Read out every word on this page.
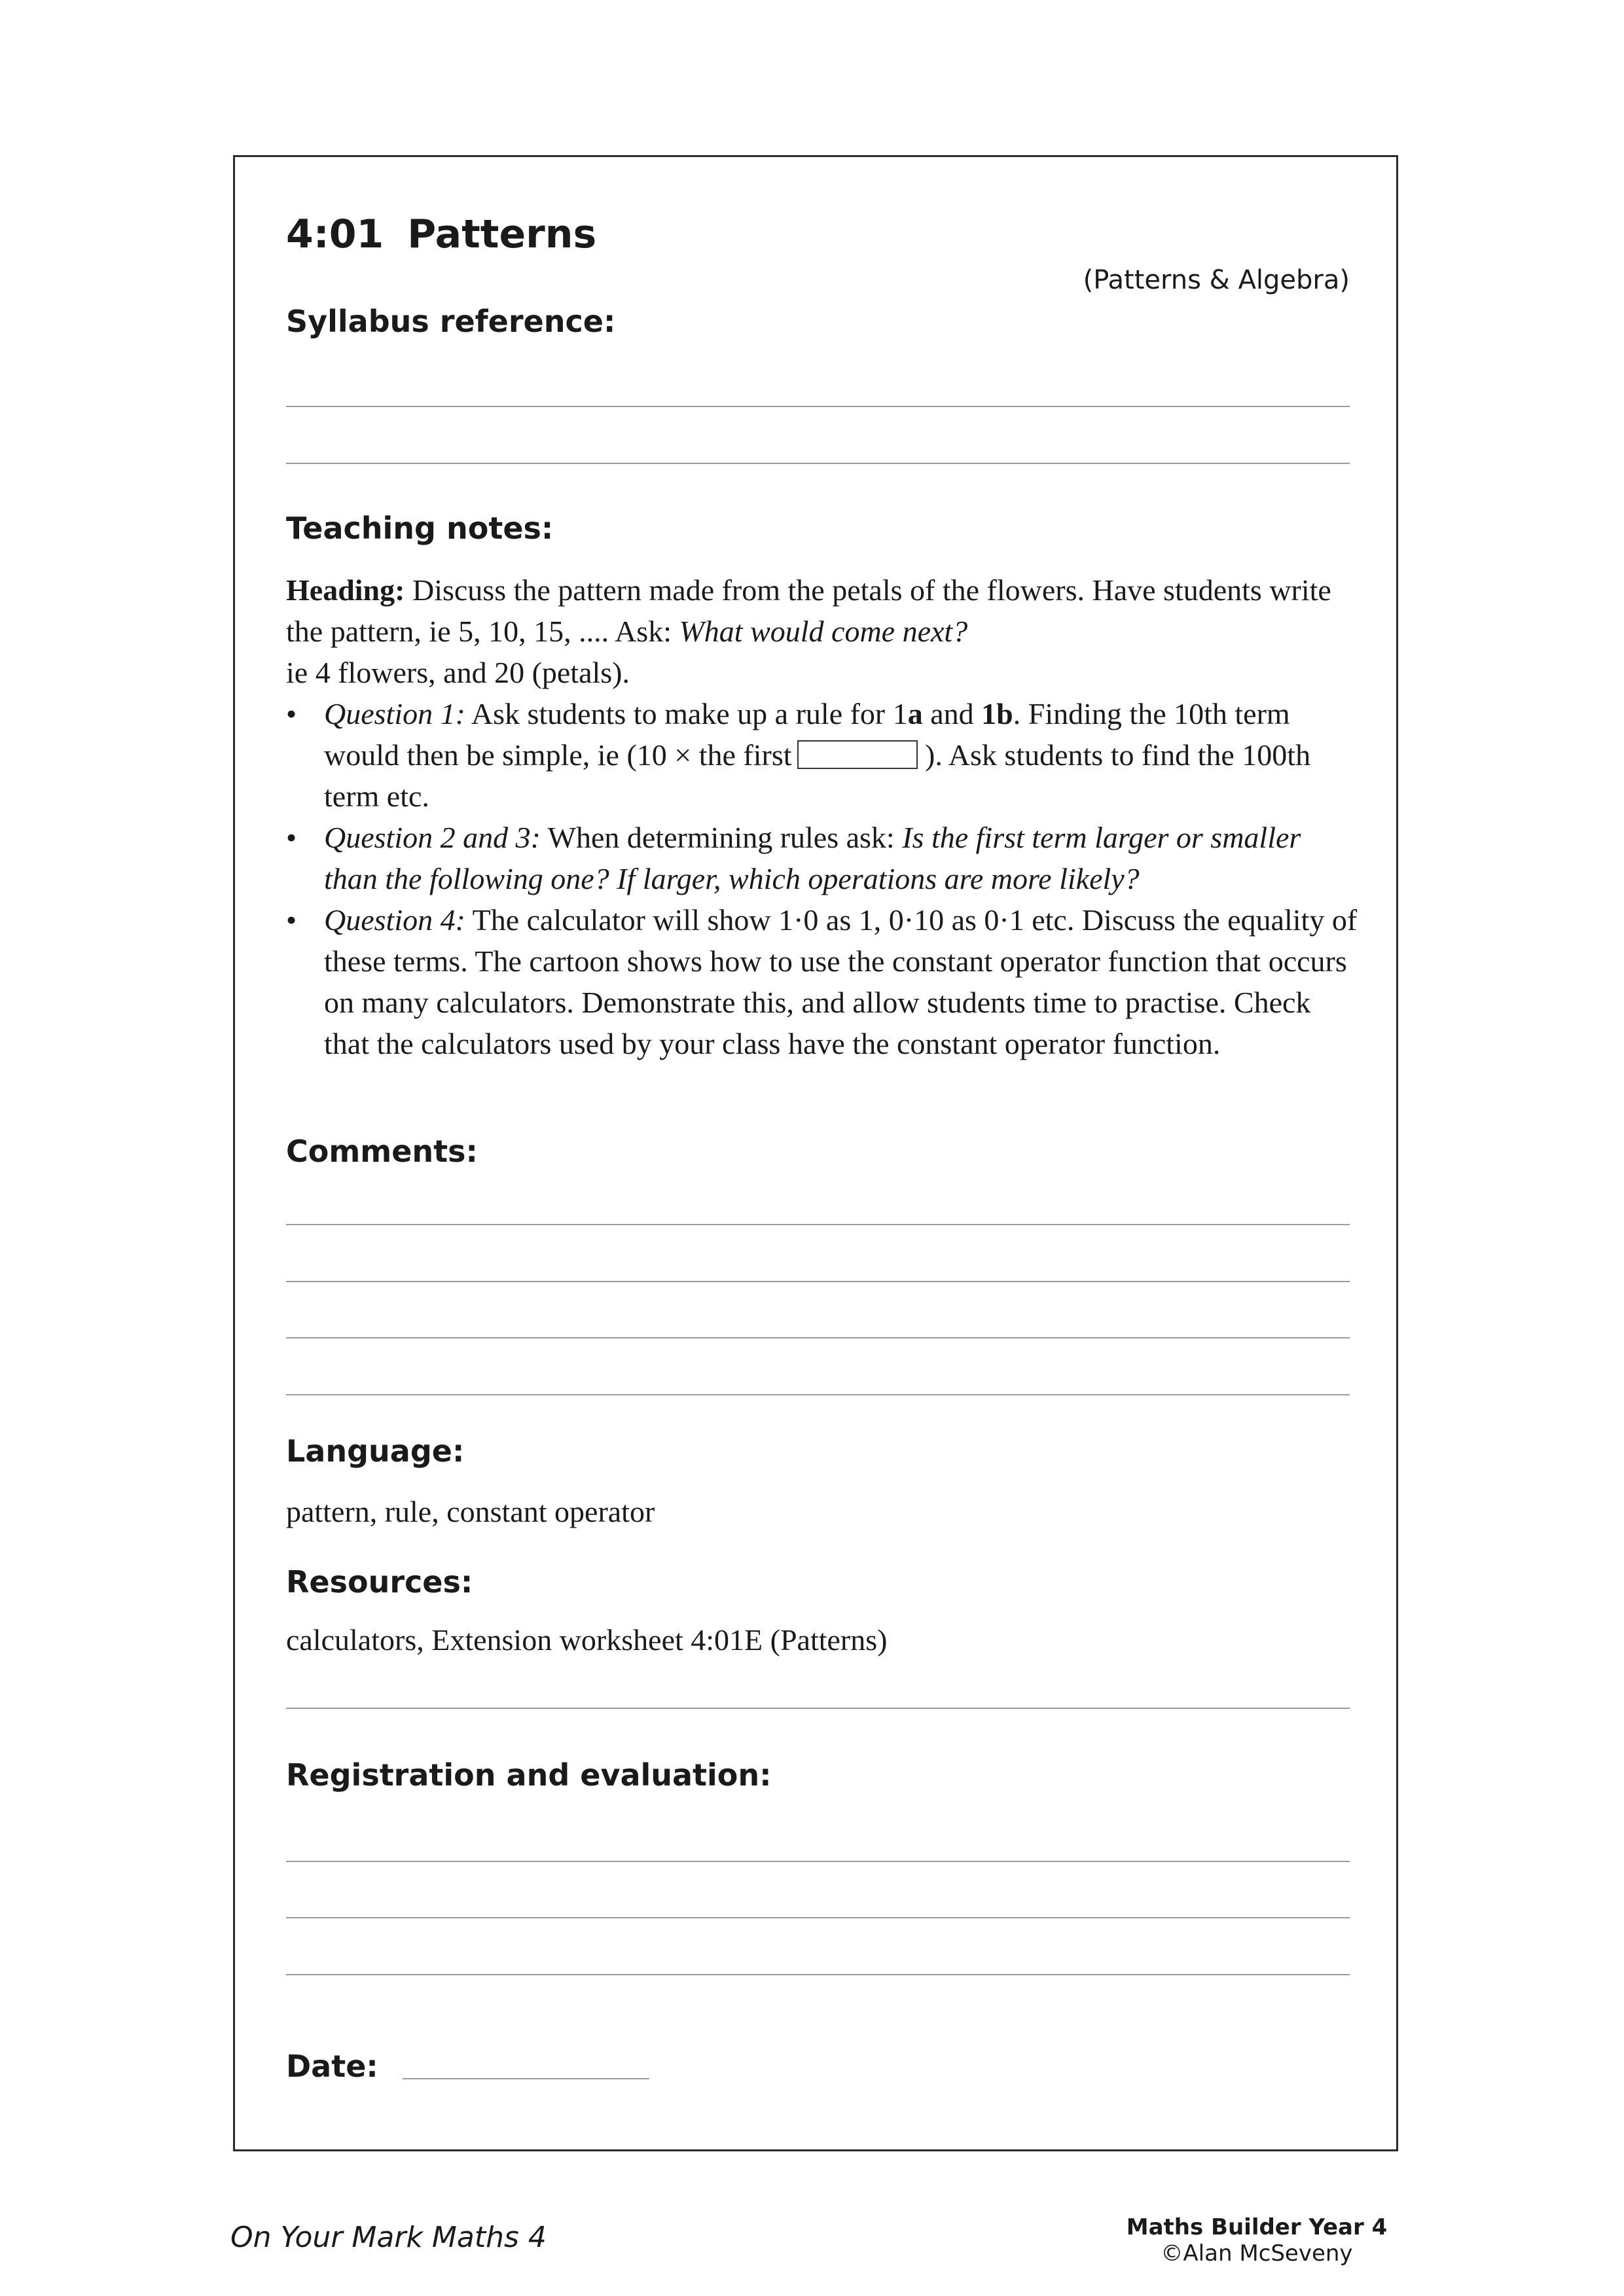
4:01 Patterns
(Patterns & Algebra)
Syllabus reference:
Teaching notes:

Heading: Discuss the pattern made from the petals of the flowers. Have students write the pattern, ie 5, 10, 15, .... Ask: What would come next?
ie 4 flowers, and 20 (petals).

• Question 1: Ask students to make up a rule for 1a and 1b. Finding the 10th term would then be simple, ie (10 × the first	). Ask students to find the 100th term etc.
• Question 2 and 3: When determining rules ask: Is the first term larger or smaller than the following one? If larger, which operations are more likely?
• Question 4: The calculator will show 1·0 as 1, 0·10 as 0·1 etc. Discuss the equality of these terms. The cartoon shows how to use the constant operator function that occurs on many calculators. Demonstrate this, and allow students time to practise. Check that the calculators used by your class have the constant operator function.
Comments:
Language:
pattern, rule, constant operator
Resources:
calculators, Extension worksheet 4:01E (Patterns)
Registration and evaluation:
Date:
On Your Mark Maths 4	Maths Builder Year 4
©Alan McSeveny
